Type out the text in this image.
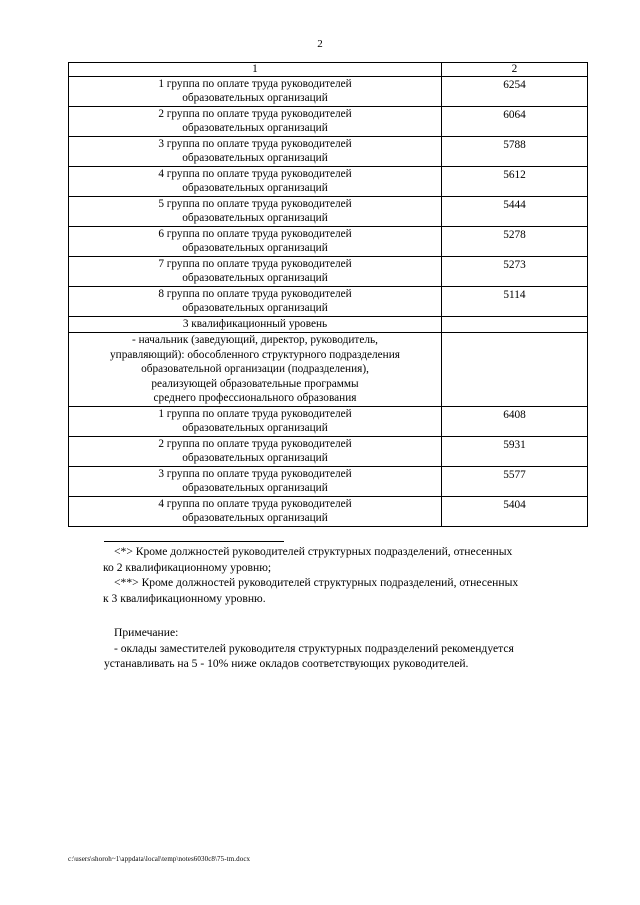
2
1	2

1 группа по оплате труда руководителей
образовательных организаций	6254

2 группа по оплате труда руководителей
образовательных организаций	6064

3 группа по оплате труда руководителей
образовательных организаций	5788

4 группа по оплате труда руководителей
образовательных организаций	5612

5 группа по оплате труда руководителей
образовательных организаций	5444

6 группа по оплате труда руководителей
образовательных организаций	5278

7 группа по оплате труда руководителей
образовательных организаций	5273

8 группа по оплате труда руководителей
образовательных организаций	5114

3 квалификационный уровень	

- начальник (заведующий, директор, руководитель,
управляющий): обособленного структурного подразделения
образовательной организации (подразделения),
реализующей образовательные программы
среднего профессионального образования	

1 группа по оплате труда руководителей
образовательных организаций	6408

2 группа по оплате труда руководителей
образовательных организаций	5931

3 группа по оплате труда руководителей
образовательных организаций	5577

4 группа по оплате труда руководителей
образовательных организаций	5404

<*> Кроме должностей руководителей структурных подразделений, отнесенных

ко 2 квалификационному уровню;

<**> Кроме должностей руководителей структурных подразделений, отнесенных

к 3 квалификационному уровню.

Примечание:

- оклады заместителей руководителя структурных подразделений рекомендуется

устанавливать на 5 - 10% ниже окладов соответствующих руководителей.

c:\users\shoroh~1\appdata\local\temp\notes6030c8\75-tm.docx
